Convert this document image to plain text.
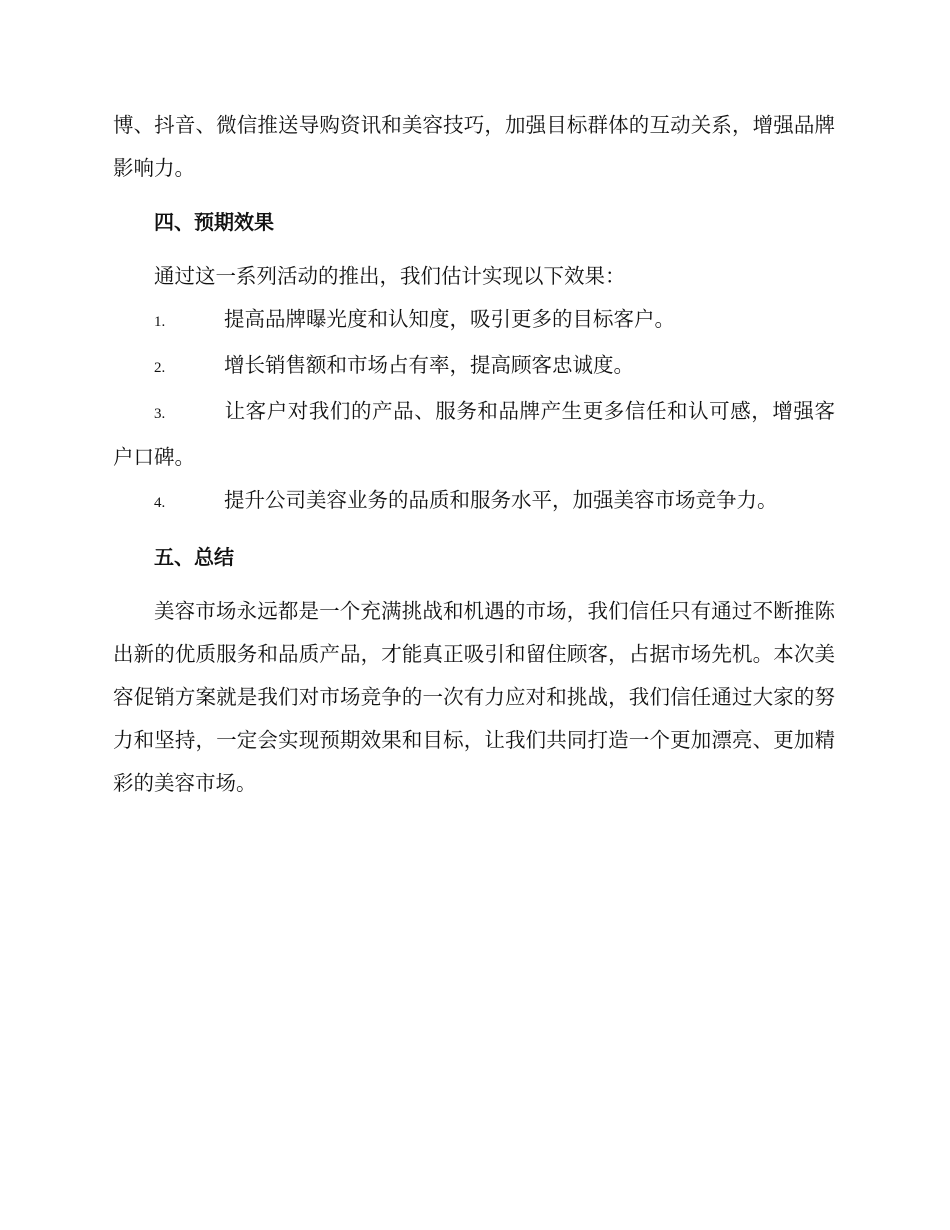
博、抖音、微信推送导购资讯和美容技巧，加强目标群体的互动关系，增强品牌影响力。

四、预期效果

通过这一系列活动的推出，我们估计实现以下效果：

1.	提高品牌曝光度和认知度，吸引更多的目标客户。

2.	增长销售额和市场占有率，提高顾客忠诚度。

3.	让客户对我们的产品、服务和品牌产生更多信任和认可感，增强客户口碑。

4.	提升公司美容业务的品质和服务水平，加强美容市场竞争力。

五、总结

美容市场永远都是一个充满挑战和机遇的市场，我们信任只有通过不断推陈出新的优质服务和品质产品，才能真正吸引和留住顾客，占据市场先机。本次美容促销方案就是我们对市场竞争的一次有力应对和挑战，我们信任通过大家的努力和坚持，一定会实现预期效果和目标，让我们共同打造一个更加漂亮、更加精彩的美容市场。
